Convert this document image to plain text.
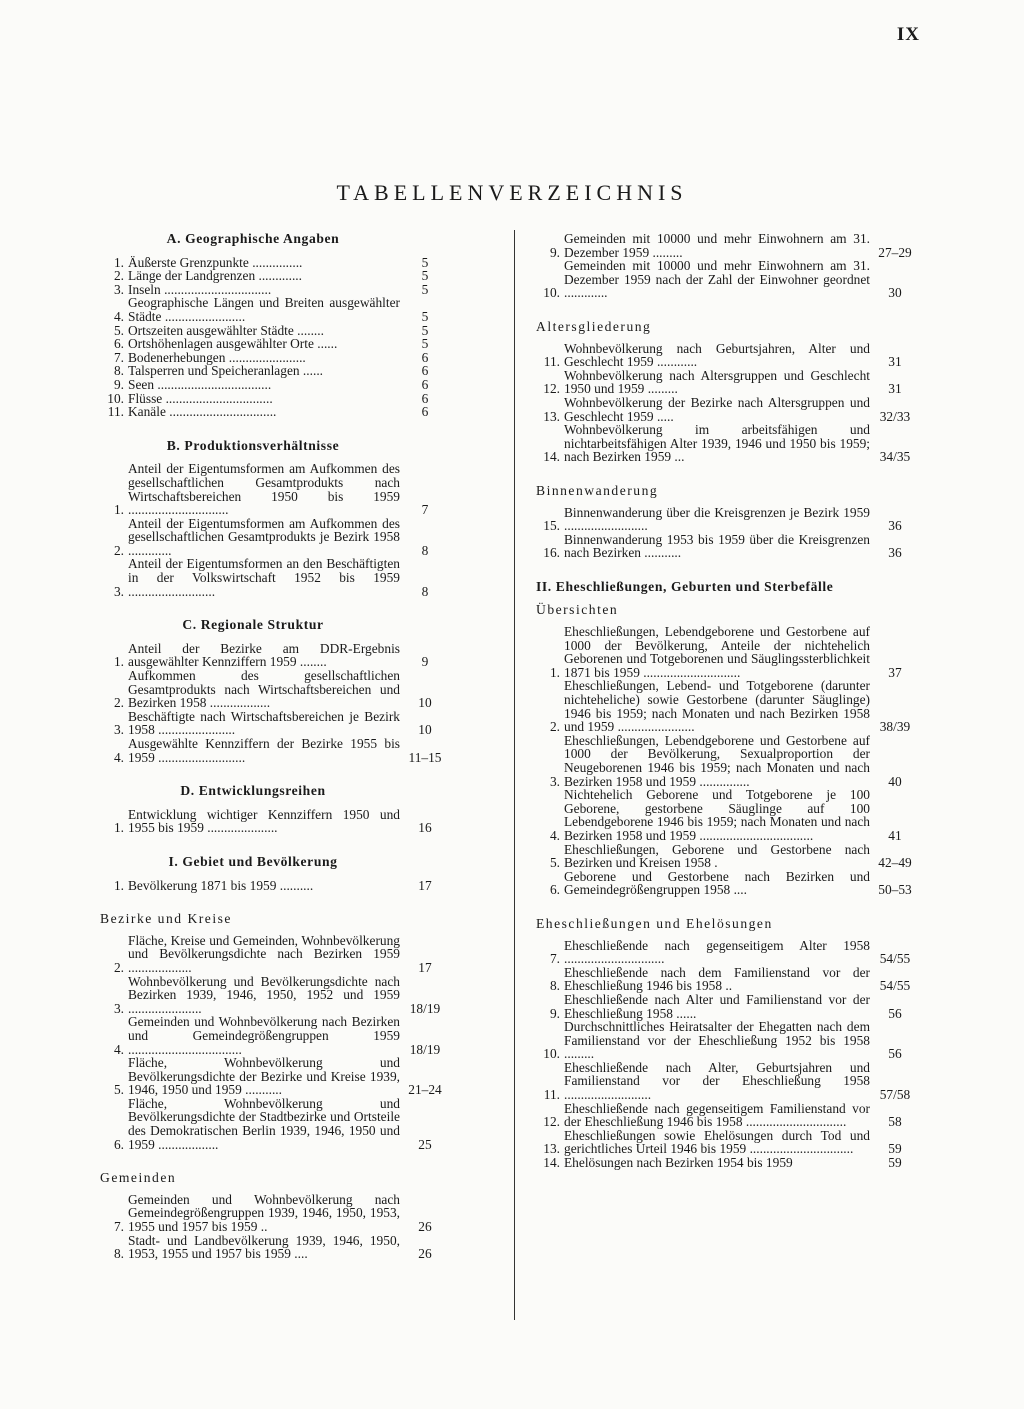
IX
TABELLENVERZEICHNIS
A. Geographische Angaben
1. Äußerste Grenzpunkte ...............	5
2. Länge der Landgrenzen .............	5
3. Inseln ................................	5
4.
Geographische Längen und Breiten ausgewählter Städte ........................	5
5. Ortszeiten ausgewählter Städte ........	5
6. Ortshöhenlagen ausgewählter Orte ......	5
7. Bodenerhebungen .......................	6
8. Talsperren und Speicheranlagen ......	6
9. Seen ..................................	6
10. Flüsse ................................	6
11. Kanäle ................................	6
B. Produktionsverhältnisse
1.
Anteil der Eigentumsformen am Aufkommen des gesellschaftlichen Gesamtprodukts nach Wirtschaftsbereichen 1950 bis 1959 ..............................	7
2.
Anteil der Eigentumsformen am Aufkommen des gesellschaftlichen Gesamtprodukts je Bezirk 1958 .............	8
3.
Anteil der Eigentumsformen an den Beschäftigten in der Volkswirtschaft 1952 bis 1959 ..........................	8
C. Regionale Struktur
1.
Anteil der Bezirke am DDR-Ergebnis ausgewählter Kennziffern 1959 ........	9
2.
Aufkommen des gesellschaftlichen Gesamtprodukts nach Wirtschaftsbereichen und Bezirken 1958 ..................	10
3.
Beschäftigte nach Wirtschaftsbereichen je Bezirk 1958 .......................	10
4.
Ausgewählte Kennziffern der Bezirke 1955 bis 1959 ..........................	11–15
D. Entwicklungsreihen
1.
Entwicklung wichtiger Kennziffern 1950 und 1955 bis 1959 .....................	16
I. Gebiet und Bevölkerung
1. Bevölkerung 1871 bis 1959 ..........	17
Bezirke und Kreise
2.
Fläche, Kreise und Gemeinden, Wohnbevölkerung und Bevölkerungsdichte nach Bezirken 1959 ...................	17
3.
Wohnbevölkerung und Bevölkerungsdichte nach Bezirken 1939, 1946, 1950, 1952 und 1959 ......................	18/19
4.
Gemeinden und Wohnbevölkerung nach Bezirken und Gemeindegrößengruppen 1959 ..................................	18/19
5.
Fläche, Wohnbevölkerung und Bevölkerungsdichte der Bezirke und Kreise 1939, 1946, 1950 und 1959 ...........	21–24
6.
Fläche, Wohnbevölkerung und Bevölkerungsdichte der Stadtbezirke und Ortsteile des Demokratischen Berlin 1939, 1946, 1950 und 1959 ..................	25
Gemeinden
7.
Gemeinden und Wohnbevölkerung nach Gemeindegrößengruppen 1939, 1946, 1950, 1953, 1955 und 1957 bis 1959 ..	26
8.
Stadt- und Landbevölkerung 1939, 1946, 1950, 1953, 1955 und 1957 bis 1959 ....	26
9.
Gemeinden mit 10000 und mehr Einwohnern am 31. Dezember 1959 .........	27–29
10.
Gemeinden mit 10000 und mehr Einwohnern am 31. Dezember 1959 nach der Zahl der Einwohner geordnet .............	30
Altersgliederung
11.
Wohnbevölkerung nach Geburtsjahren, Alter und Geschlecht 1959 ............	31
12.
Wohnbevölkerung nach Altersgruppen und Geschlecht 1950 und 1959 .........	31
13.
Wohnbevölkerung der Bezirke nach Altersgruppen und Geschlecht 1959 .....	32/33
14.
Wohnbevölkerung im arbeitsfähigen und nichtarbeitsfähigen Alter 1939, 1946 und 1950 bis 1959; nach Bezirken 1959 ...	34/35
Binnenwanderung
15.
Binnenwanderung über die Kreisgrenzen je Bezirk 1959 .........................	36
16.
Binnenwanderung 1953 bis 1959 über die Kreisgrenzen nach Bezirken ...........	36
II. Eheschließungen, Geburten und Sterbefälle
Übersichten
1.
Eheschließungen, Lebendgeborene und Gestorbene auf 1000 der Bevölkerung, Anteile der nichtehelich Geborenen und Totgeborenen und Säuglingssterblichkeit 1871 bis 1959 .............................	37
2.
Eheschließungen, Lebend- und Totgeborene (darunter nichteheliche) sowie Gestorbene (darunter Säuglinge) 1946 bis 1959; nach Monaten und nach Bezirken 1958 und 1959 .......................	38/39
3.
Eheschließungen, Lebendgeborene und Gestorbene auf 1000 der Bevölkerung, Sexualproportion der Neugeborenen 1946 bis 1959; nach Monaten und nach Bezirken 1958 und 1959 ...............	40
4.
Nichtehelich Geborene und Totgeborene je 100 Geborene, gestorbene Säuglinge auf 100 Lebendgeborene 1946 bis 1959; nach Monaten und nach Bezirken 1958 und 1959 ..................................	41
5.
Eheschließungen, Geborene und Gestorbene nach Bezirken und Kreisen 1958 .	42–49
6.
Geborene und Gestorbene nach Bezirken und Gemeindegrößengruppen 1958 ....	50–53
Eheschließungen und Ehelösungen
7.
Eheschließende nach gegenseitigem Alter 1958 ..............................	54/55
8.
Eheschließende nach dem Familienstand vor der Eheschließung 1946 bis 1958 ..	54/55
9.
Eheschließende nach Alter und Familienstand vor der Eheschließung 1958 ......	56
10.
Durchschnittliches Heiratsalter der Ehegatten nach dem Familienstand vor der Eheschließung 1952 bis 1958 .........	56
11.
Eheschließende nach Alter, Geburtsjahren und Familienstand vor der Eheschließung 1958 ..........................	57/58
12.
Eheschließende nach gegenseitigem Familienstand vor der Eheschließung 1946 bis 1958 ..............................	58
13.
Eheschließungen sowie Ehelösungen durch Tod und gerichtliches Urteil 1946 bis 1959 ...............................	59
14. Ehelösungen nach Bezirken 1954 bis 1959	59
